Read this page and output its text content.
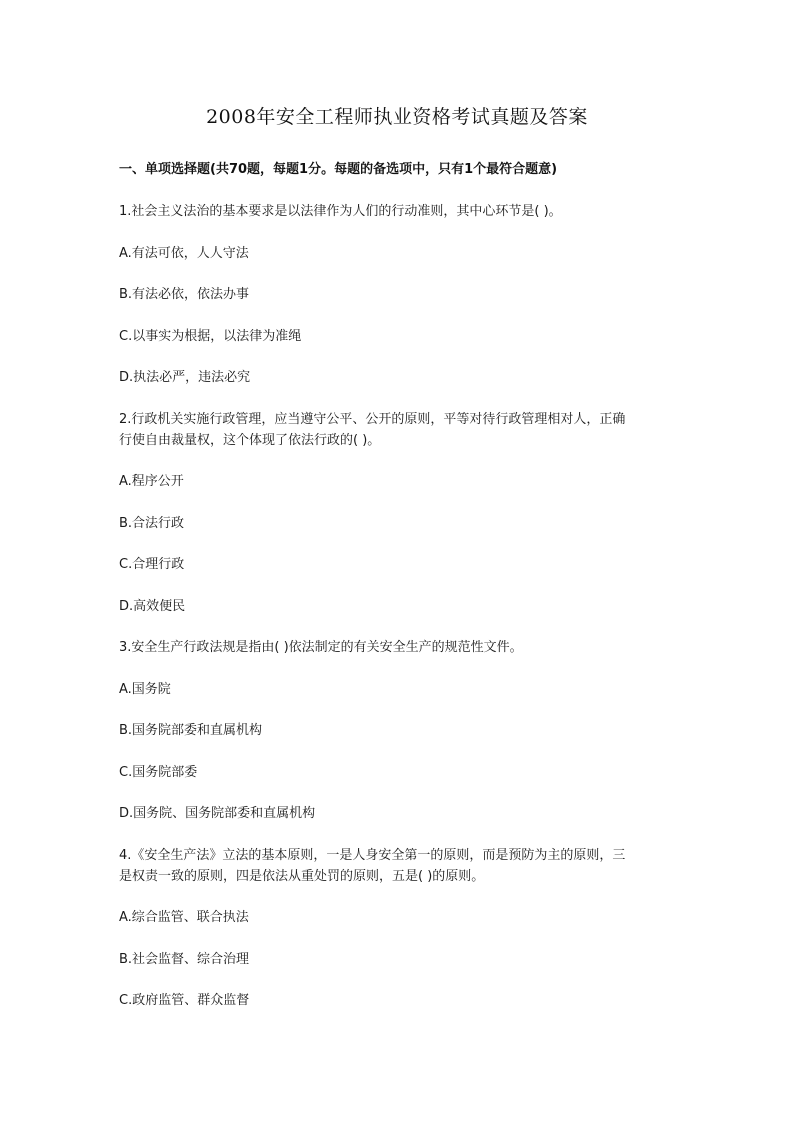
2008年安全工程师执业资格考试真题及答案
一、单项选择题(共70题，每题1分。每题的备选项中，只有1个最符合题意)
1.社会主义法治的基本要求是以法律作为人们的行动准则，其中心环节是( )。
A.有法可依，人人守法
B.有法必依，依法办事
C.以事实为根据，以法律为准绳
D.执法必严，违法必究
2.行政机关实施行政管理，应当遵守公平、公开的原则，平等对待行政管理相对人，正确
行使自由裁量权，这个体现了依法行政的( )。
A.程序公开
B.合法行政
C.合理行政
D.高效便民
3.安全生产行政法规是指由( )依法制定的有关安全生产的规范性文件。
A.国务院
B.国务院部委和直属机构
C.国务院部委
D.国务院、国务院部委和直属机构
4.《安全生产法》立法的基本原则，一是人身安全第一的原则，而是预防为主的原则，三
是权责一致的原则，四是依法从重处罚的原则，五是( )的原则。
A.综合监管、联合执法
B.社会监督、综合治理
C.政府监管、群众监督
